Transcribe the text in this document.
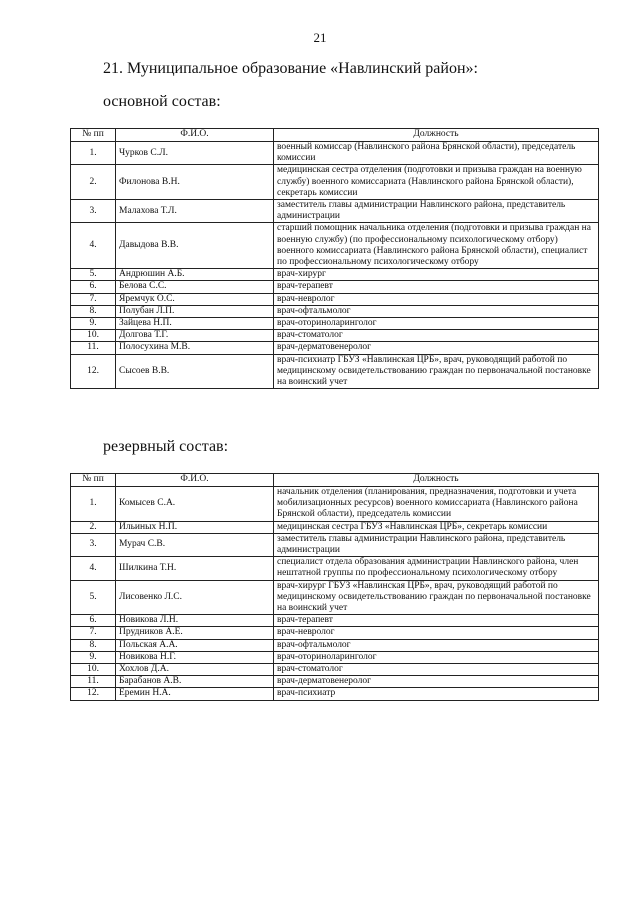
21
21. Муниципальное образование «Навлинский район»:
основной состав:
№ пп	Ф.И.О.	Должность
1.	Чурков С.Л.	военный комиссар (Навлинского района Брянской области), председатель комиссии
2.	Филонова В.Н.	медицинская сестра отделения (подготовки и призыва граждан на военную службу) военного комиссариата (Навлинского района Брянской области), секретарь комиссии
3.	Малахова Т.Л.	заместитель главы администрации Навлинского района, представитель администрации
4.	Давыдова В.В.	старший помощник начальника отделения (подготовки и призыва граждан на военную службу) (по профессиональному психологическому отбору) военного комиссариата (Навлинского района Брянской области), специалист по профессиональному психологическому отбору
5.	Андрюшин А.Б.	врач-хирург
6.	Белова С.С.	врач-терапевт
7.	Яремчук О.С.	врач-невролог
8.	Полубан Л.П.	врач-офтальмолог
9.	Зайцева Н.П.	врач-оториноларинголог
10.	Долгова Т.Г.	врач-стоматолог
11.	Полосухина М.В.	врач-дерматовенеролог
12.	Сысоев В.В.	врач-психиатр ГБУЗ «Навлинская ЦРБ», врач, руководящий работой по медицинскому освидетельствованию граждан по первоначальной постановке на воинский учет
резервный состав:
№ пп	Ф.И.О.	Должность
1.	Комысев С.А.	начальник отделения (планирования, предназначения, подготовки и учета мобилизационных ресурсов) военного комиссариата (Навлинского района Брянской области), председатель комиссии
2.	Ильиных Н.П.	медицинская сестра ГБУЗ «Навлинская ЦРБ», секретарь комиссии
3.	Мурач С.В.	заместитель главы администрации Навлинского района, представитель администрации
4.	Шилкина Т.Н.	специалист отдела образования администрации Навлинского района, член нештатной группы по профессиональному психологическому отбору
5.	Лисовенко Л.С.	врач-хирург ГБУЗ «Навлинская ЦРБ», врач, руководящий работой по медицинскому освидетельствованию граждан по первоначальной постановке на воинский учет
6.	Новикова Л.Н.	врач-терапевт
7.	Прудников А.Е.	врач-невролог
8.	Польская А.А.	врач-офтальмолог
9.	Новикова Н.Г.	врач-оториноларинголог
10.	Хохлов Д.А.	врач-стоматолог
11.	Барабанов А.В.	врач-дерматовенеролог
12.	Еремин Н.А.	врач-психиатр
